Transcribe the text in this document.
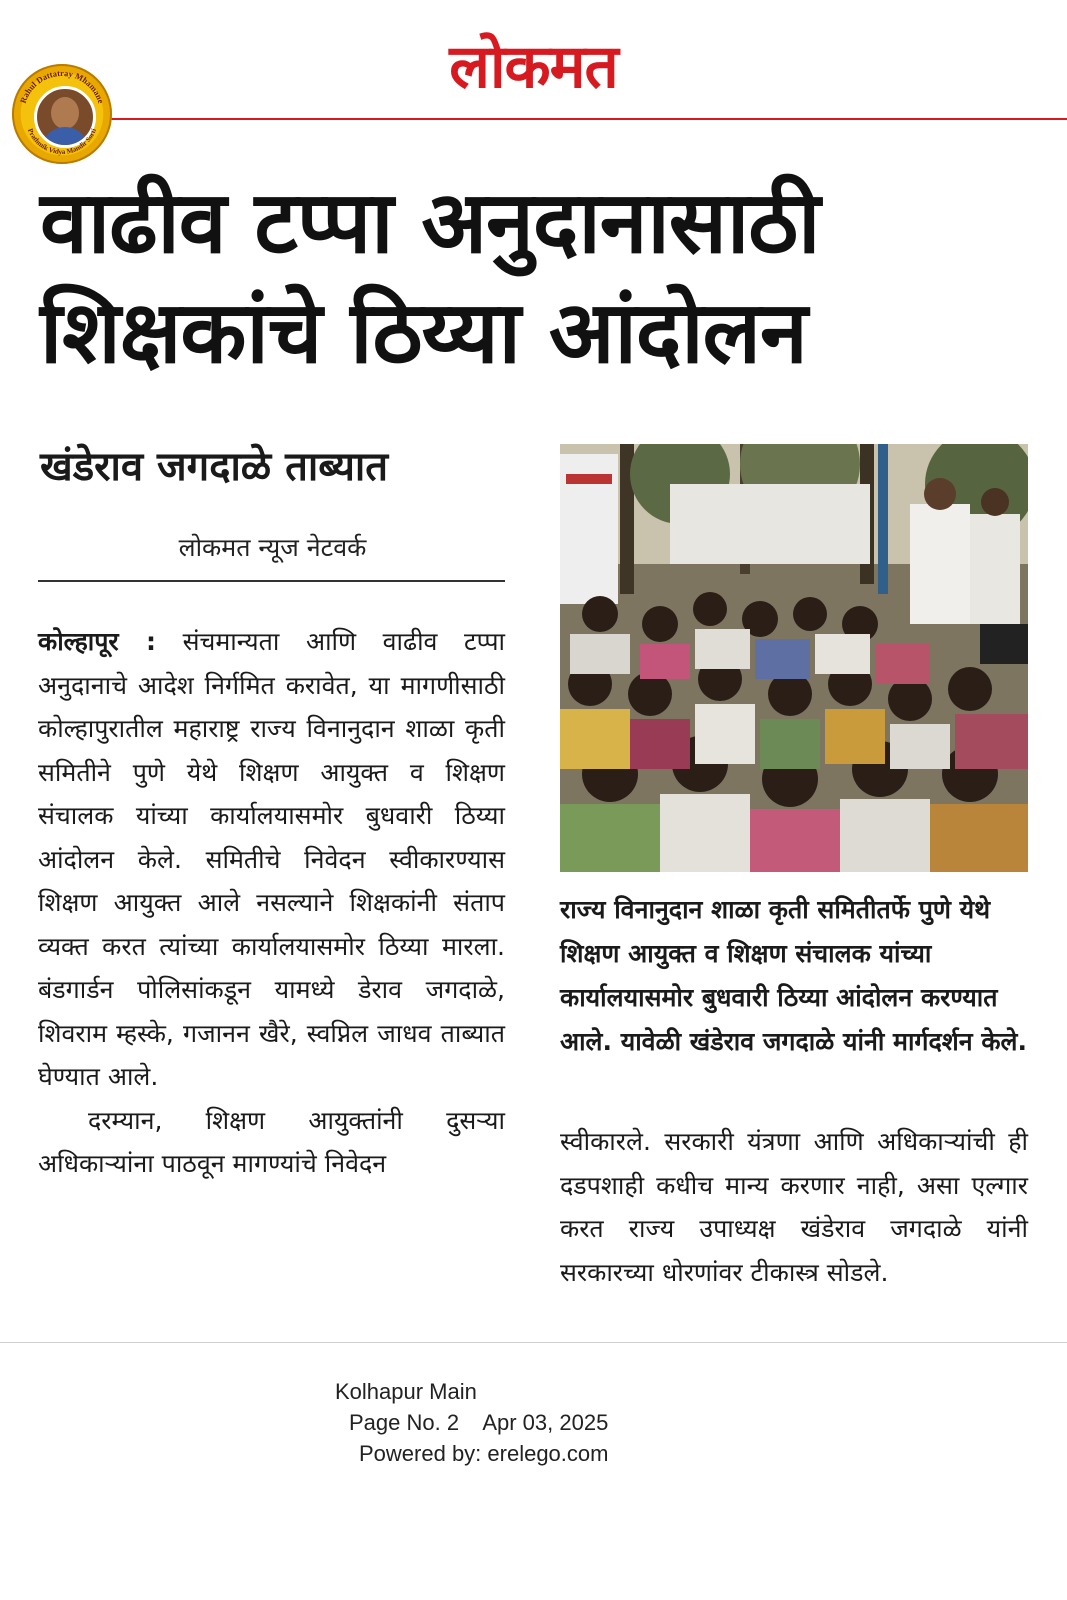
लोकमत
Rahul Dattatray Mhamane
Prathmik Vidya Mandir Sorti
वाढीव टप्पा अनुदानासाठी
शिक्षकांचे ठिय्या आंदोलन
खंडेराव जगदाळे ताब्यात
लोकमत न्यूज नेटवर्क

कोल्हापूर : संचमान्यता आणि वाढीव टप्पा अनुदानाचे आदेश निर्गमित करावेत, या मागणीसाठी कोल्हापुरातील महाराष्ट्र राज्य विनानुदान शाळा कृती समितीने पुणे येथे शिक्षण आयुक्त व शिक्षण संचालक यांच्या कार्यालयासमोर बुधवारी ठिय्या आंदोलन केले. समितीचे निवेदन स्वीकारण्यास शिक्षण आयुक्त आले नसल्याने शिक्षकांनी संताप व्यक्त करत त्यांच्या कार्यालयासमोर ठिय्या मारला. बंडगार्डन पोलिसांकडून यामध्ये डेराव जगदाळे, शिवराम म्हस्के, गजानन खैरे, स्वप्निल जाधव ताब्यात घेण्यात आले.

दरम्यान, शिक्षण आयुक्तांनी दुसऱ्या अधिकाऱ्यांना पाठवून मागण्यांचे निवेदन

राज्य विनानुदान शाळा कृती समितीतर्फे पुणे येथे शिक्षण आयुक्त व शिक्षण संचालक यांच्या कार्यालयासमोर बुधवारी ठिय्या आंदोलन करण्यात आले. यावेळी खंडेराव जगदाळे यांनी मार्गदर्शन केले.

स्वीकारले. सरकारी यंत्रणा आणि अधिकाऱ्यांची ही दडपशाही कधीच मान्य करणार नाही, असा एल्गार करत राज्य उपाध्यक्ष खंडेराव जगदाळे यांनी सरकारच्या धोरणांवर टीकास्त्र सोडले.

Kolhapur Main
Page No. 2 Apr 03, 2025
Powered by: erelego.com
